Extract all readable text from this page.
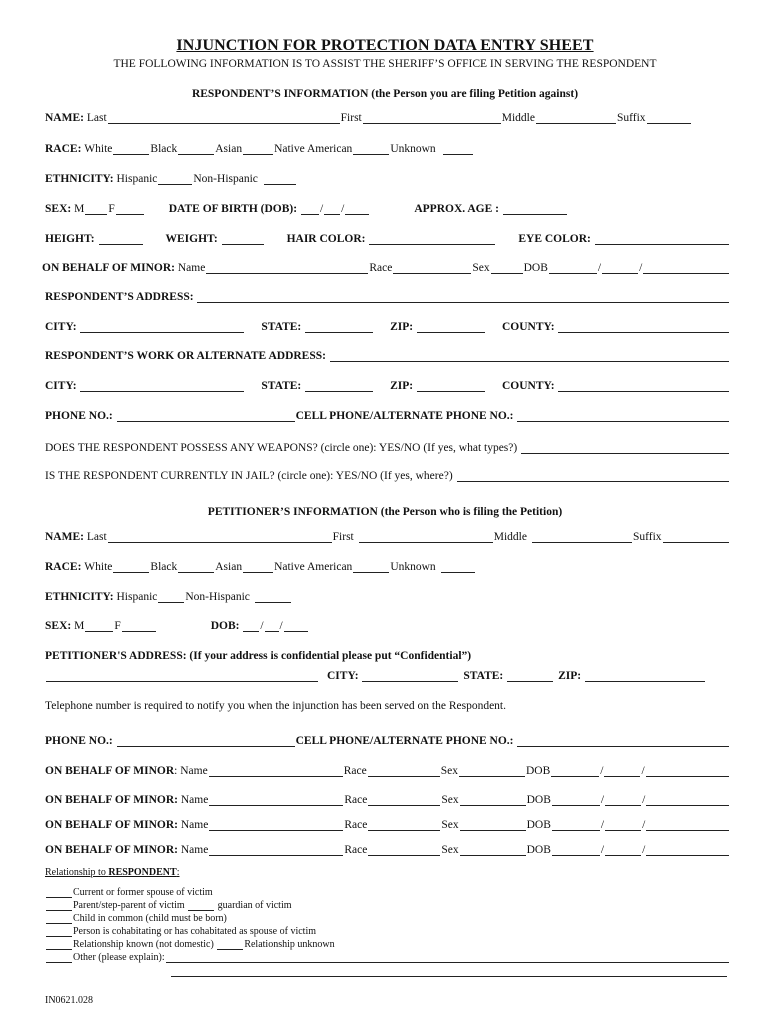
INJUNCTION FOR PROTECTION DATA ENTRY SHEET
THE FOLLOWING INFORMATION IS TO ASSIST THE SHERIFF’S OFFICE IN SERVING THE RESPONDENT
RESPONDENT’S INFORMATION (the Person you are filing Petition against)
NAME:
Last	First	Middle	Suffix
RACE:
White	Black	Asian	Native American	Unknown
ETHNICITY:
Hispanic	Non-Hispanic
SEX:
M F	DATE OF BIRTH (DOB):
/ /	APPROX. AGE :

HEIGHT:
	WEIGHT:
	HAIR COLOR:
	EYE COLOR:

ON BEHALF OF MINOR:
Name	Race	Sex	DOB	/	/
RESPONDENT’S ADDRESS:

CITY:
	STATE:
	ZIP:
	COUNTY:

RESPONDENT’S WORK OR ALTERNATE ADDRESS:

CITY:
	STATE:
	ZIP:
	COUNTY:

PHONE NO.:
	CELL PHONE/ALTERNATE PHONE NO.:

DOES THE RESPONDENT POSSESS ANY WEAPONS? (circle one): YES/NO (If yes, what types?)

IS THE RESPONDENT CURRENTLY IN JAIL? (circle one): YES/NO (If yes, where?)

PETITIONER’S INFORMATION (the Person who is filing the Petition)
NAME:
Last	First	Middle	Suffix
RACE:
White	Black	Asian	Native American	Unknown
ETHNICITY:
Hispanic Non-Hispanic
SEX:
M	F	DOB:
/ /
PETITIONER'S ADDRESS: (If your address is confidential please put “Confidential”)
CITY:
	STATE:
	ZIP:

Telephone number is required to notify you when the injunction has been served on the Respondent.
PHONE NO.:
	CELL PHONE/ALTERNATE PHONE NO.:

ON BEHALF OF MINOR :
Name	Race	Sex	DOB	/	/
ON BEHALF OF MINOR:
Name	Race	Sex	DOB	/	/
ON BEHALF OF MINOR:
Name	Race	Sex	DOB	/	/
ON BEHALF OF MINOR:
Name	Race	Sex	DOB	/	/
Relationship to RESPONDENT:
Current or former spouse of victim
Parent/step-parent of victim

	guardian of victim
Child in common (child must be born)
Person is cohabitating or has cohabitated as spouse of victim
Relationship known (not domestic)
	Relationship unknown
Other (please explain):
IN0621.028
